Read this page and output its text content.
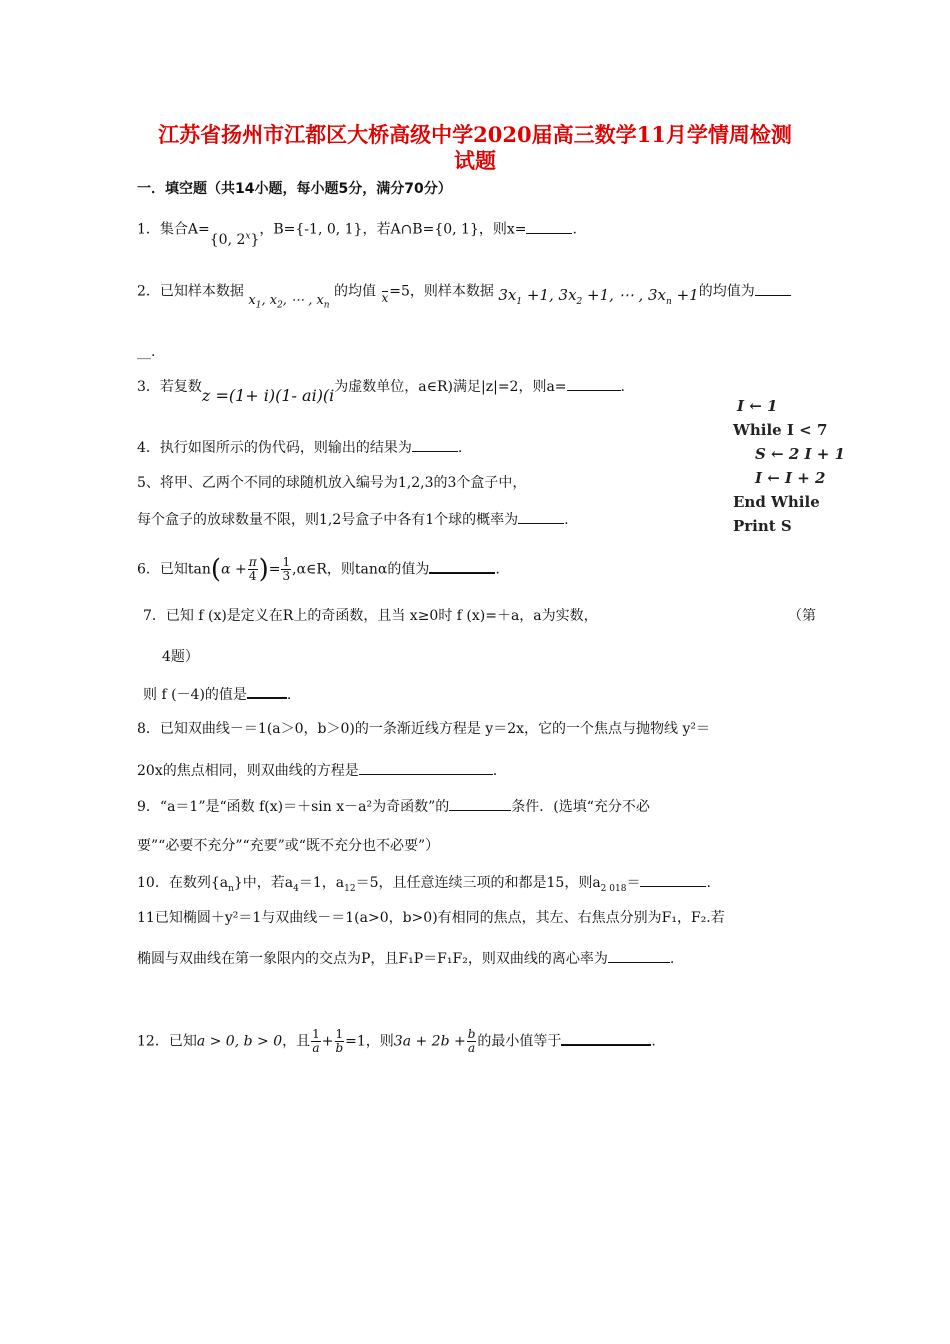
江苏省扬州市江都区大桥高级中学2020届高三数学11月学情周检测
试题
一．填空题（共14小题，每小题5分，满分70分）
1．集合A={0, 2$^x$}，B={-1, 0, 1}，若A∩B={0, 1}，则x=	.
2．已知样本数据 $x_1$, $x_2$, ⋯ , $x_n$ 的均值
x =5，则样本数据 $3x_1 +1$, $3x_2 +1$, ⋯ , $3x_n +1$的均值为
__.
3．若复数z =(1+ i)(1- ai)(i为虚数单位，a∈R)满足|z|=2，则a=	.
4．执行如图所示的伪代码，则输出的结果为	.
5、将甲、乙两个不同的球随机放入编号为1,2,3的3个盒子中，
每个盒子的放球数量不限，则1,2号盒子中各有1个球的概率为	.
I ← 1
While I < 7
S ← 2 I + 1
I ← I + 2
End While
Print S
6．已知$\tan(\alpha + \frac{\pi}{4}$ )= $\frac{1}{3}$ ,α∈R，则tanα的值为	.
7．已知 f (x)是定义在R上的奇函数，且当 x≥0时 f (x)=＋a，a为实数，	（第
4题）
则 f (－4)的值是	.
8．已知双曲线－＝1(a＞0，b＞0)的一条渐近线方程是 y＝2x，它的一个焦点与抛物线 y²＝
20x的焦点相同，则双曲线的方程是	.
9．“a＝1”是“函数 f(x)＝＋sin x－a²为奇函数”的	条件．(选填“充分不必
要”“必要不充分”“充要”或“既不充分也不必要”）
10．在数列$\{a_n\}$中，若$a_4=1$，$a_{12}=5$，且任意连续三项的和都是15，则$a_{2 018}=$	.
11已知椭圆＋y²＝1与双曲线－＝1(a>0，b>0)有相同的焦点，其左、右焦点分别为F₁，F₂.若
椭圆与双曲线在第一象限内的交点为P，且F₁P＝F₁F₂，则双曲线的离心率为	.
12．已知a > 0, b > 0，且 $\frac{1}{a} + \frac{1}{b} =1$，则$3a + 2b + \frac{b}{a}$ 的最小值等于	.
